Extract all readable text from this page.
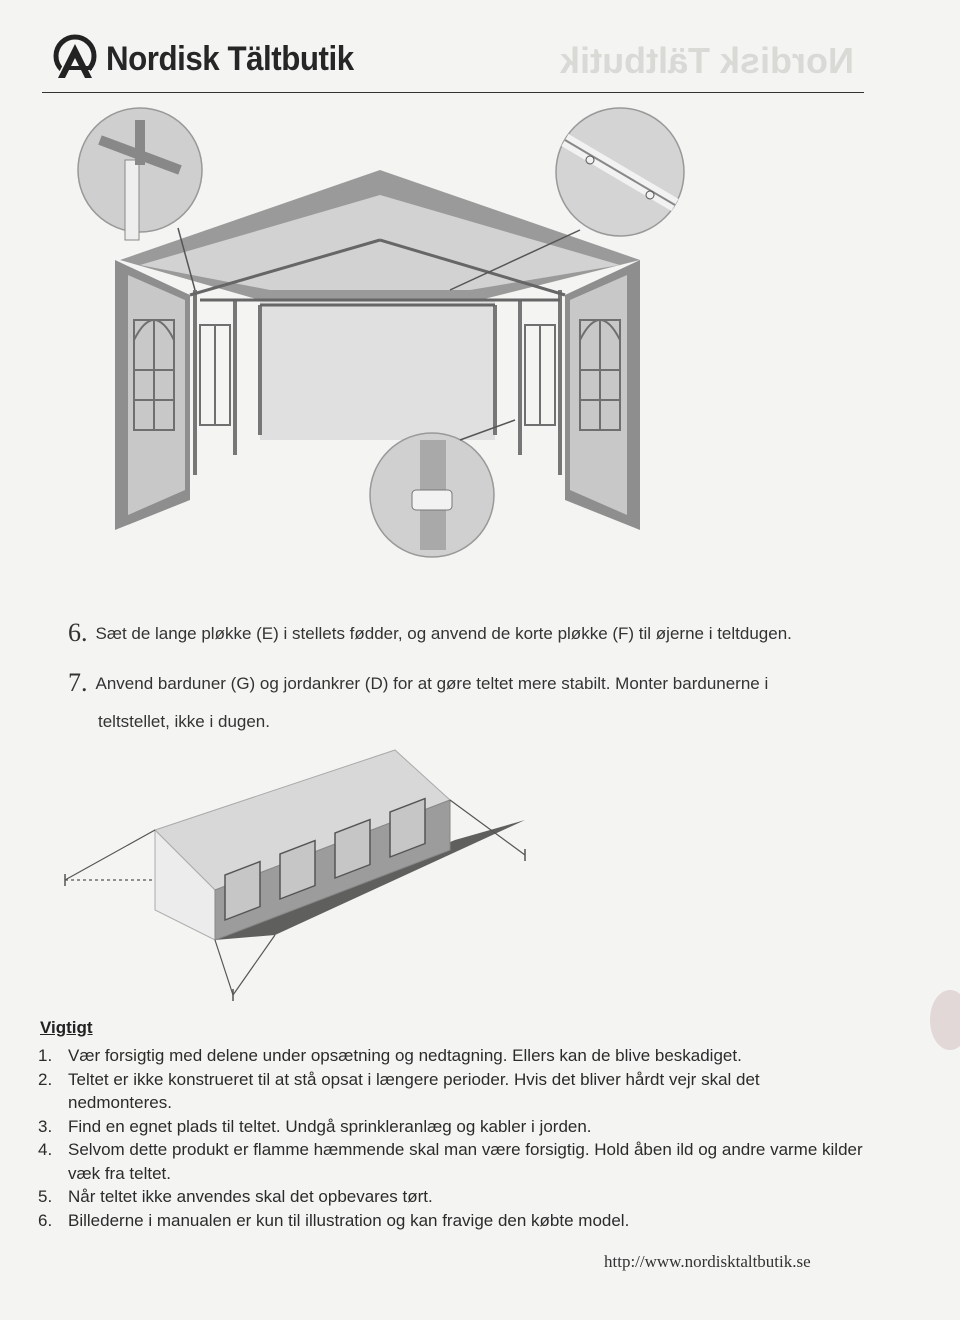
Nordisk Tältbutik
Nordisk Tältbutik
6. Sæt de lange pløkke (E) i stellets fødder, og anvend de korte pløkke (F) til øjerne i teltdugen.
7. Anvend barduner (G) og jordankrer (D) for at gøre teltet mere stabilt. Monter bardunerne i
teltstellet, ikke i dugen.
Vigtigt
1. Vær forsigtig med delene under opsætning og nedtagning. Ellers kan de blive beskadiget.
2. Teltet er ikke konstrueret til at stå opsat i længere perioder. Hvis det bliver hårdt vejr skal det nedmonteres.
3. Find en egnet plads til teltet. Undgå sprinkleranlæg og kabler i jorden.
4. Selvom dette produkt er flamme hæmmende skal man være forsigtig. Hold åben ild og andre varme kilder væk fra teltet.
5. Når teltet ikke anvendes skal det opbevares tørt.
6. Billederne i manualen er kun til illustration og kan fravige den købte model.
http://www.nordisktaltbutik.se
